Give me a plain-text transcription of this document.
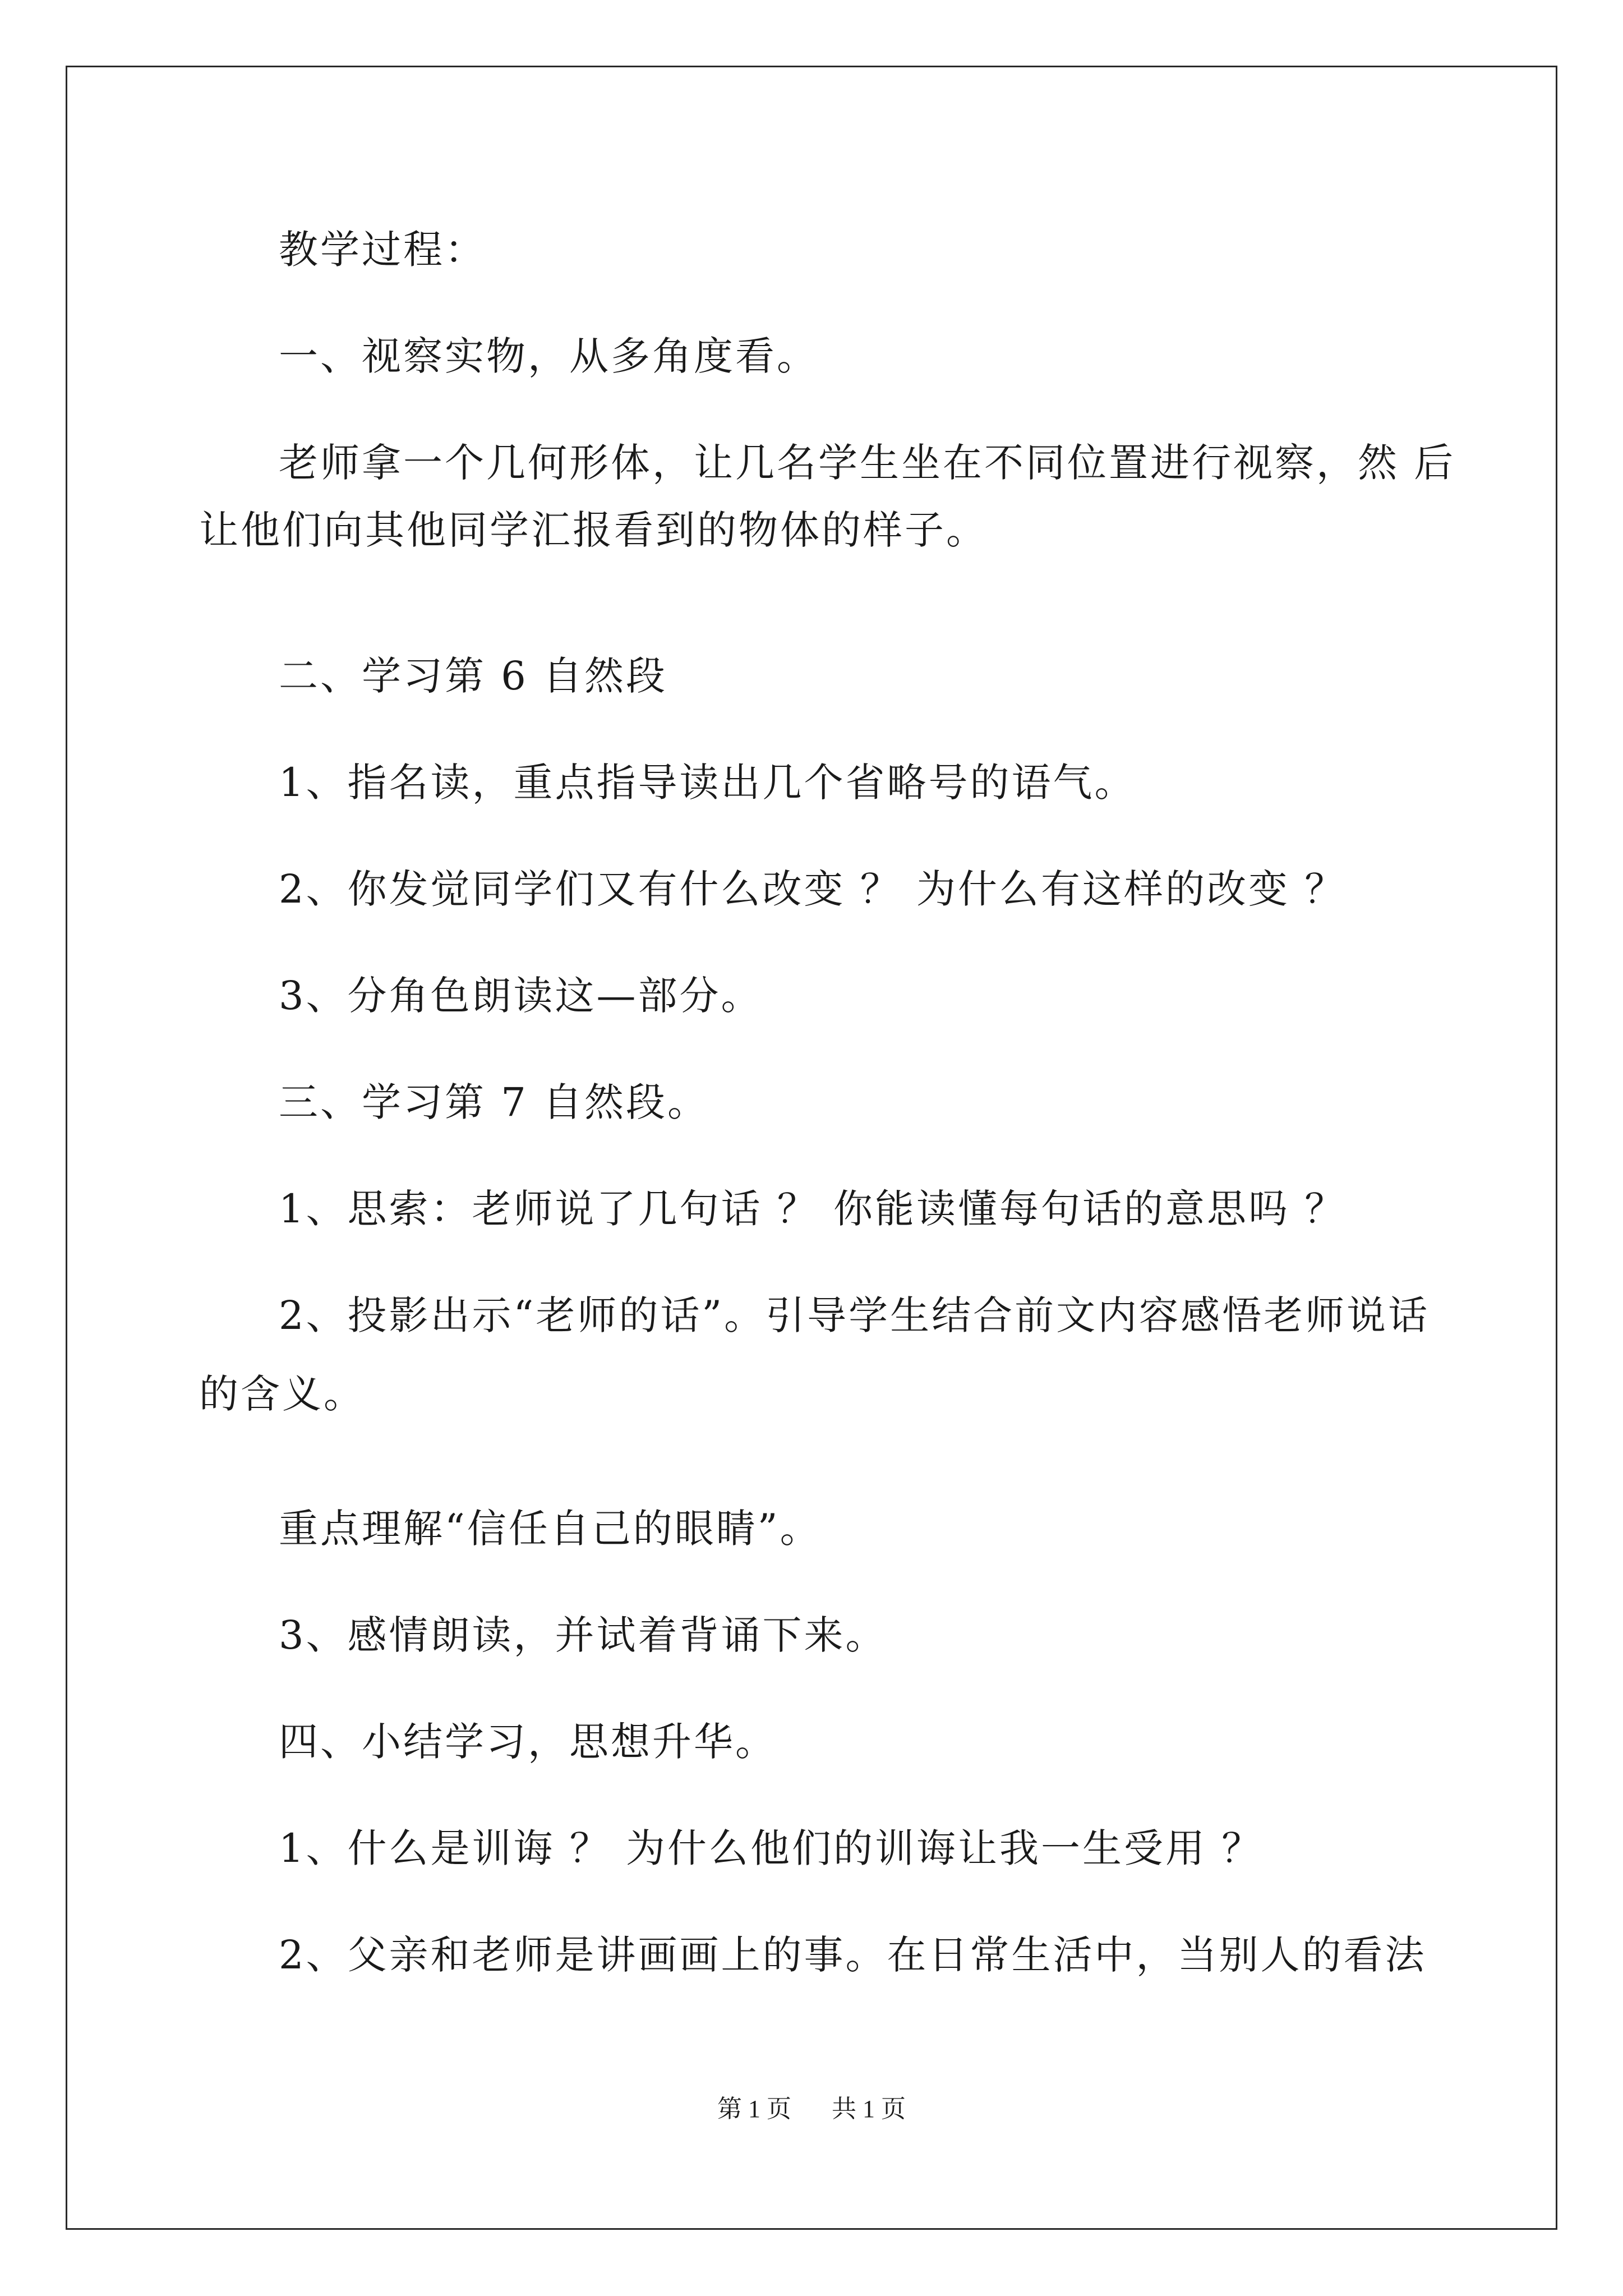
教学过程：
一、视察实物，从多角度看。
老师拿一个几何形体，让几名学生坐在不同位置进行视察，然 后
让他们向其他同学汇报看到的物体的样子。
二、学习第 6 自然段
1、指名读，重点指导读出几个省略号的语气。
2、你发觉同学们又有什么改变 ？ 为什么有这样的改变 ？
3、分角色朗读这—部分。
三、学习第 7 自然段。
1、思索：老师说了几句话 ？ 你能读懂每句话的意思吗 ？
2、投影出示“老师的话”。引导学生结合前文内容感悟老师说话
的含义。
重点理解“信任自己的眼睛”。
3、感情朗读，并试着背诵下来。
四、小结学习，思想升华。
1、什么是训诲 ？ 为什么他们的训诲让我一生受用 ？
2、父亲和老师是讲画画上的事。在日常生活中，当别人的看法
第 1 页 共 1 页
